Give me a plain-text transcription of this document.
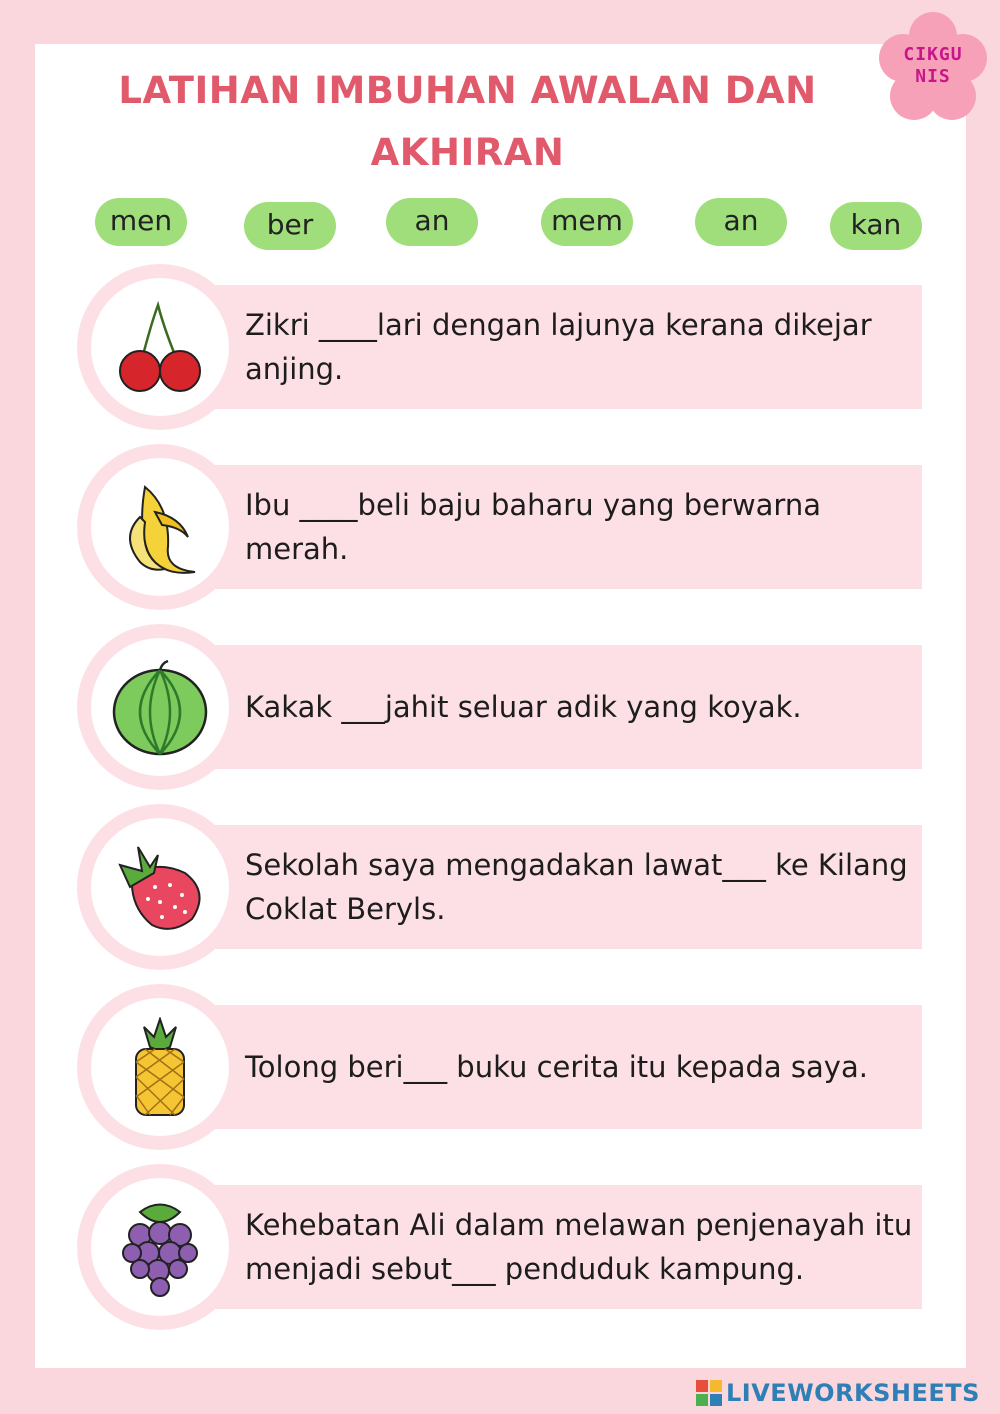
LATIHAN IMBUHAN AWALAN DAN
AKHIRAN
CIKGU
NIS
men	ber	an	mem	an	kan
Zikri ____lari dengan lajunya kerana dikejar anjing.
Ibu ____beli baju baharu yang berwarna merah.
Kakak ___jahit seluar adik yang koyak.
Sekolah saya mengadakan lawat___ ke Kilang Coklat Beryls.
Tolong beri___ buku cerita itu kepada saya.
Kehebatan Ali dalam melawan penjenayah itu menjadi sebut___ penduduk kampung.
LIVEWORKSHEETS
